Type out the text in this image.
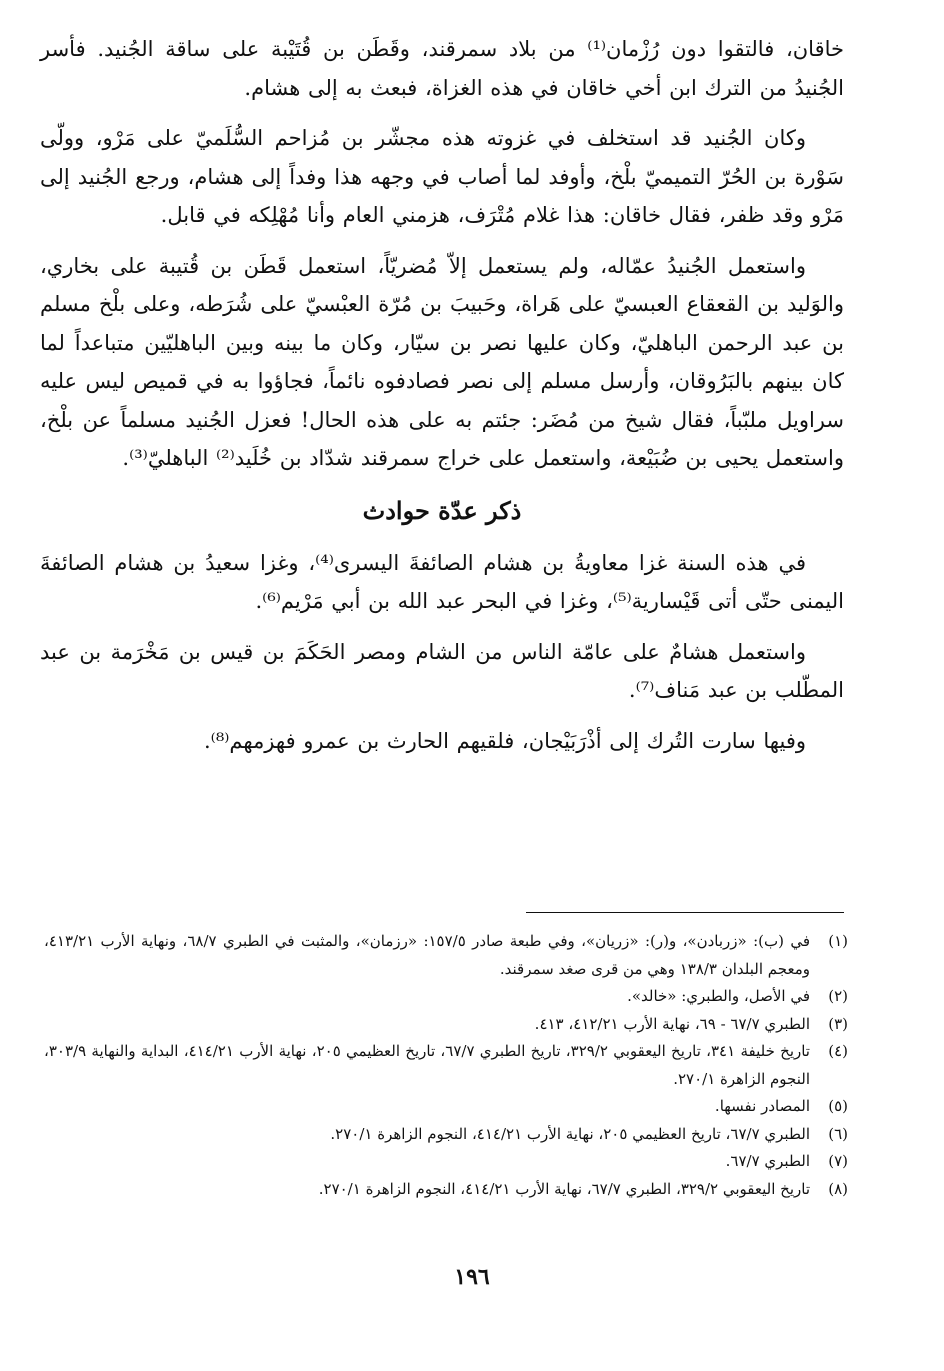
خاقان، فالتقوا دون رُزْمان⁽¹⁾ من بلاد سمرقند، وقَطَن بن قُتَيْبة على ساقة الجُنيد. فأسر الجُنيدُ من الترك ابن أخي خاقان في هذه الغزاة، فبعث به إلى هشام.

وكان الجُنيد قد استخلف في غزوته هذه مجشّر بن مُزاحم السُّلَميّ على مَرْو، وولّى سَوْرة بن الحُرّ التميميّ بلْخ، وأوفد لما أصاب في وجهه هذا وفداً إلى هشام، ورجع الجُنيد إلى مَرْو وقد ظفر، فقال خاقان: هذا غلام مُتْرَف، هزمني العام وأنا مُهْلِكه في قابل.

واستعمل الجُنيدُ عمّاله، ولم يستعمل إلاّ مُضريّاً، استعمل قَطَن بن قُتيبة على بخاري، والوَليد بن القعقاع العبسيّ على هَراة، وحَبيبَ بن مُرّة العبْسيّ على شُرَطه، وعلى بلْخ مسلم بن عبد الرحمن الباهليّ، وكان عليها نصر بن سيّار، وكان ما بينه وبين الباهليّين متباعداً لما كان بينهم بالبَرُوقان، وأرسل مسلم إلى نصر فصادفوه نائماً، فجاؤوا به في قميص ليس عليه سراويل ملبّباً، فقال شيخ من مُضَر: جئتم به على هذه الحال! فعزل الجُنيد مسلماً عن بلْخ، واستعمل يحيى بن ضُبَيْعة، واستعمل على خراج سمرقند شدّاد بن خُلَيد⁽²⁾ الباهليّ⁽³⁾.

ذكر عدّة حوادث

في هذه السنة غزا معاويةُ بن هشام الصائفةَ اليسرى⁽⁴⁾، وغزا سعيدُ بن هشام الصائفةَ اليمنى حتّى أتى قَيْسارية⁽⁵⁾، وغزا في البحر عبد الله بن أبي مَرْيم⁽⁶⁾.

واستعمل هشامٌ على عامّة الناس من الشام ومصر الحَكَمَ بن قيس بن مَخْرَمة بن عبد المطّلب بن عبد مَناف⁽⁷⁾.

وفيها سارت التُرك إلى أذْرَبَيْجان، فلقيهم الحارث بن عمرو فهزمهم⁽⁸⁾.

(١)في (ب): «زربادن»، و(ر): «زريان»، وفي طبعة صادر ١٥٧/٥: «رزمان»، والمثبت في الطبري ٦٨/٧، ونهاية الأرب ٤١٣/٢١، ومعجم البلدان ١٣٨/٣ وهي من قرى صغد سمرقند.

(٢)في الأصل، والطبري: «خالد».

(٣)الطبري ٦٧/٧ - ٦٩، نهاية الأرب ٤١٢/٢١، ٤١٣.

(٤)تاريخ خليفة ٣٤١، تاريخ اليعقوبي ٣٢٩/٢، تاريخ الطبري ٦٧/٧، تاريخ العظيمي ٢٠٥، نهاية الأرب ٤١٤/٢١، البداية والنهاية ٣٠٣/٩، النجوم الزاهرة ٢٧٠/١.

(٥)المصادر نفسها.

(٦)الطبري ٦٧/٧، تاريخ العظيمي ٢٠٥، نهاية الأرب ٤١٤/٢١، النجوم الزاهرة ٢٧٠/١.

(٧)الطبري ٦٧/٧.

(٨)تاريخ اليعقوبي ٣٢٩/٢، الطبري ٦٧/٧، نهاية الأرب ٤١٤/٢١، النجوم الزاهرة ٢٧٠/١.

١٩٦
